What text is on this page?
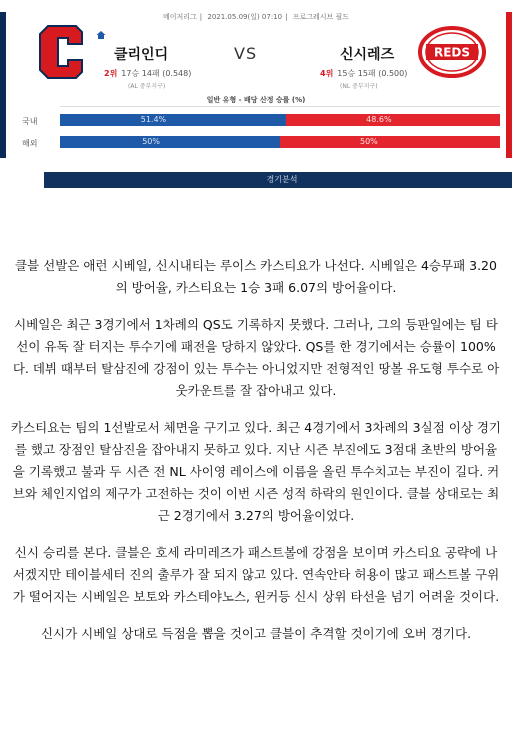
메이저리그 | 2021.05.09(일) 07:10 | 프로그레시브 필드
클리인디	VS	신시레즈	REDS
2위 17승 14패 (0.548)	4위 15승 15패 (0.500)
(AL 중부지구)	(NL 중부지구)
일반 유형 - 배당 산정 승률 (%)
국내	51.4%	48.6%
해외	50%	50%
경기분석

클블 선발은 애런 시베일, 신시내티는 루이스 카스티요가 나선다. 시베일은 4승무패 3.20의 방어율, 카스티요는 1승 3패 6.07의 방어율이다.

시베일은 최근 3경기에서 1차례의 QS도 기록하지 못했다. 그러나, 그의 등판일에는 팀 타선이 유독 잘 터지는 투수기에 패전을 당하지 않았다. QS를 한 경기에서는 승률이 100%다. 데뷔 때부터 탈삼진에 강점이 있는 투수는 아니었지만 전형적인 땅볼 유도형 투수로 아웃카운트를 잘 잡아내고 있다.

카스티요는 팀의 1선발로서 체면을 구기고 있다. 최근 4경기에서 3차례의 3실점 이상 경기를 했고 장점인 탈삼진을 잡아내지 못하고 있다. 지난 시즌 부진에도 3점대 초반의 방어율을 기록했고 불과 두 시즌 전 NL 사이영 레이스에 이름을 올린 투수치고는 부진이 길다. 커브와 체인지업의 제구가 고전하는 것이 이번 시즌 성적 하락의 원인이다. 클블 상대로는 최근 2경기에서 3.27의 방어율이었다.

신시 승리를 본다. 클블은 호세 라미레즈가 패스트볼에 강점을 보이며 카스티요 공략에 나서겠지만 테이블세터 진의 출루가 잘 되지 않고 있다. 연속안타 허용이 많고 패스트볼 구위가 떨어지는 시베일은 보토와 카스테야노스, 윈커등 신시 상위 타선을 넘기 어려울 것이다.

신시가 시베일 상대로 득점을 뽑을 것이고 클블이 추격할 것이기에 오버 경기다.
